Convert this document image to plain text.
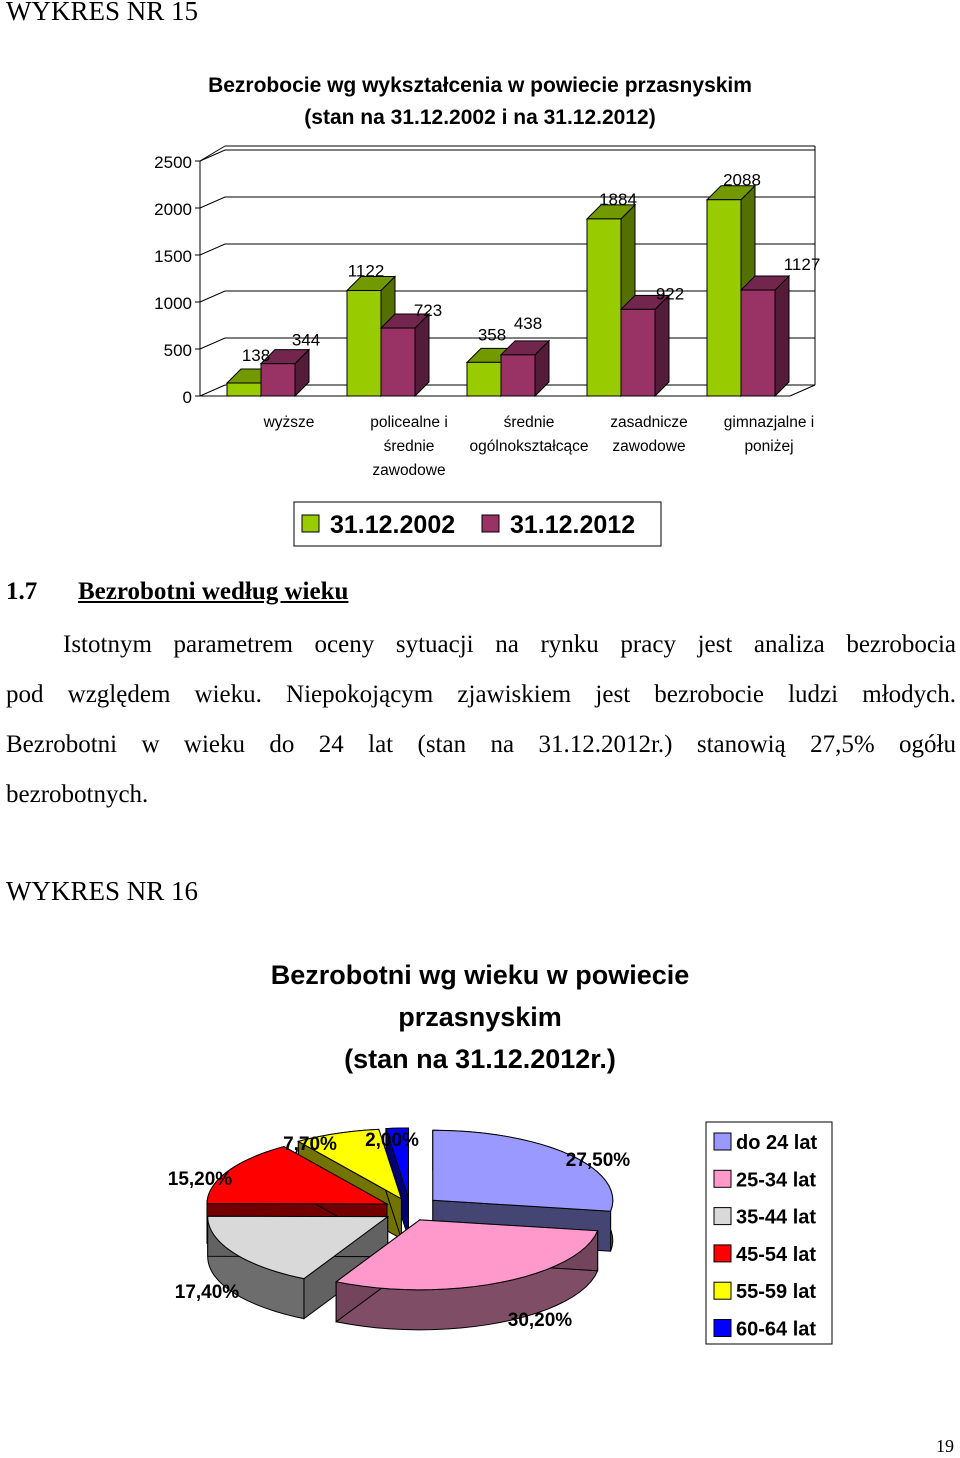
WYKRES NR 15
Bezrobocie wg wykształcenia w powiecie przasnyskim
(stan na 31.12.2002 i na 31.12.2012)
0
500
1000
1500
2000
2500
138
1122
358
1884
2088
344
723
438
922
1127
wyższe	policealne i
średnie
zawodowe
średnie
ogólnokształcące
zasadnicze
zawodowe
gimnazjalne i
poniżej
31.12.2002 31.12.2012
1.7 Bezrobotni według wieku
Istotnym parametrem oceny sytuacji na rynku pracy jest analiza bezrobocia
pod względem wieku. Niepokojącym zjawiskiem jest bezrobocie ludzi młodych.
Bezrobotni w wieku do 24 lat (stan na 31.12.2012r.) stanowią 27,5% ogółu
bezrobotnych.
WYKRES NR 16
Bezrobotni wg wieku w powiecie
przasnyskim
(stan na 31.12.2012r.)
27,50%
30,20%
17,40%
15,20%
7,70% 2,00%	do 24 lat
25-34 lat
35-44 lat
45-54 lat
55-59 lat
60-64 lat
19
